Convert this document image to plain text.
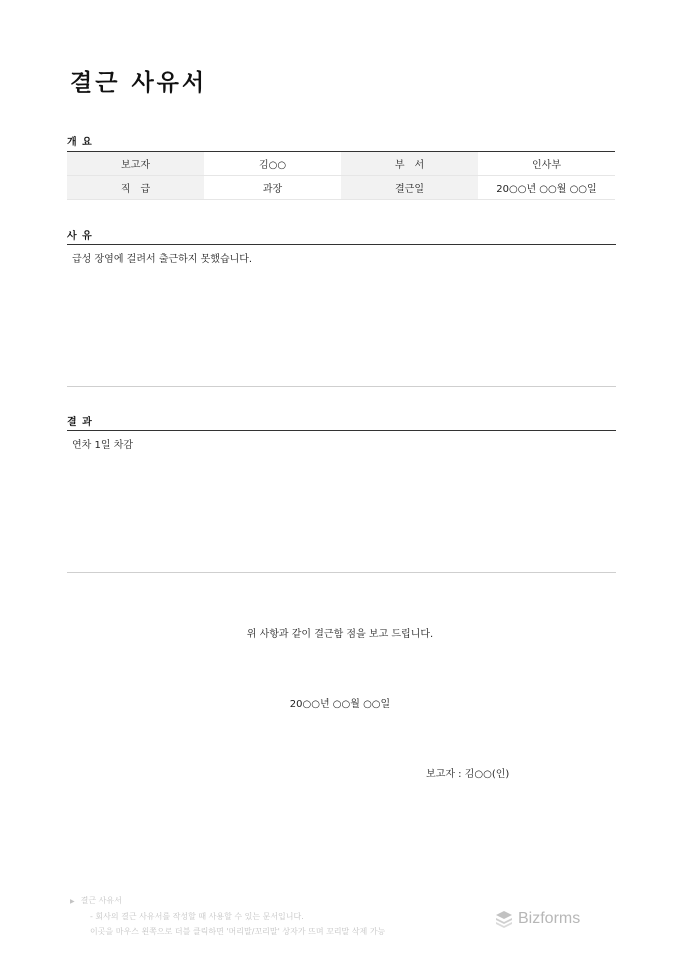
결근 사유서
개 요
보고자	김○○	부　서	인사부
직　급	과장	결근일	20○○년 ○○월 ○○일
사 유
급성 장염에 걸려서 출근하지 못했습니다.
결 과
연차 1일 차감
위 사항과 같이 결근함 점을 보고 드립니다.
20○○년 ○○월 ○○일
보고자 : 김○○(인)
▶ 결근 사유서
- 회사의 결근 사유서를 작성할 때 사용할 수 있는 문서입니다.
이곳을 마우스 왼쪽으로 더블 클릭하면 '머리말/꼬리말' 상자가 뜨며 꼬리말 삭제 가능
Bizforms
